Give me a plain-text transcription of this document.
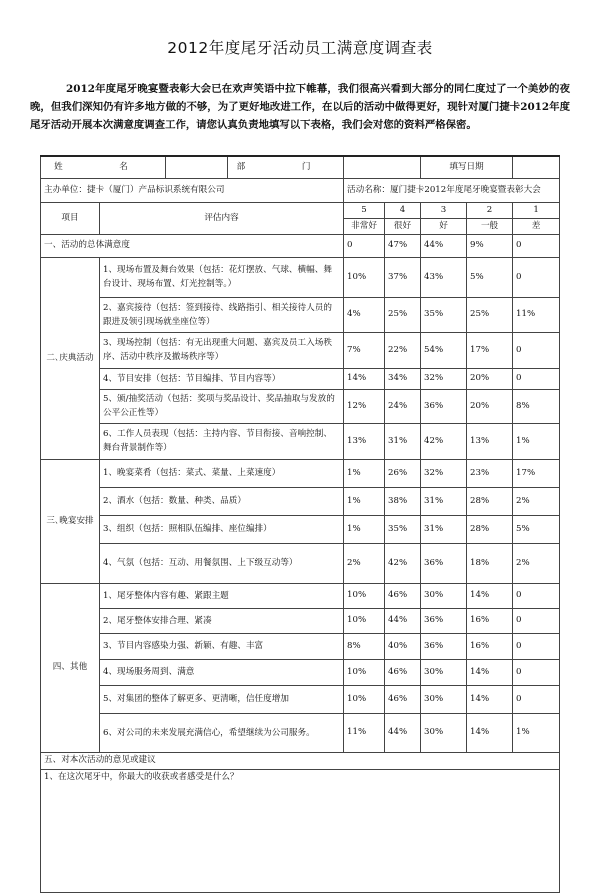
2012年度尾牙活动员工满意度调查表

2012年度尾牙晚宴暨表彰大会已在欢声笑语中拉下帷幕，我们很高兴看到大部分的同仁度过了一个美妙的夜晚，但我们深知仍有许多地方做的不够，为了更好地改进工作，在以后的活动中做得更好，现针对厦门捷卡2012年度尾牙活动开展本次满意度调查工作，请您认真负责地填写以下表格，我们会对您的资料严格保密。

姓　名			部　门			填写日期		
主办单位：捷卡（厦门）产品标识系统有限公司				活动名称：厦门捷卡2012年度尾牙晚宴暨表彰大会				
项目	评估内容			5	4	3	2	1
				非常好	很好	好	一般	差
一、活动的总体满意度				0	47%	44%	9%	0
二､庆典活动	1、现场布置及舞台效果（包括：花灯摆放、气球、横幅、舞台设计、现场布置、灯光控制等。）			10%	37%	43%	5%	0
	2、嘉宾接待（包括：签到接待、线路指引、相关接待人员的跟进及领引现场就坐座位等）			4%	25%	35%	25%	11%
	3、现场控制（包括：有无出现重大问题、嘉宾及员工入场秩序、活动中秩序及撤场秩序等）			7%	22%	54%	17%	0
	4、节目安排（包括：节目编排、节目内容等）			14%	34%	32%	20%	0
	5、颁/抽奖活动（包括：奖项与奖品设计、奖品抽取与发放的公平公正性等）			12%	24%	36%	20%	8%
	6、工作人员表现（包括：主持内容、节目衔接、音响控制、舞台背景制作等）			13%	31%	42%	13%	1%
三､晚宴安排	1、晚宴菜肴（包括：菜式、菜量、上菜速度）			1%	26%	32%	23%	17%
	2、酒水（包括：数量、种类、品质）			1%	38%	31%	28%	2%
	3、组织（包括：照相队伍编排、座位编排）			1%	35%	31%	28%	5%
	4、气氛（包括：互动、用餐氛围、上下级互动等）			2%	42%	36%	18%	2%
四、其他	1、尾牙整体内容有趣、紧跟主题			10%	46%	30%	14%	0
	2、尾牙整体安排合理、紧凑			10%	44%	36%	16%	0
	3、节目内容感染力强、新颖、有趣、丰富			8%	40%	36%	16%	0
	4、现场服务周到、满意			10%	46%	30%	14%	0
	5、对集团的整体了解更多、更清晰，信任度增加			10%	46%	30%	14%	0
	6、对公司的未来发展充满信心，希望继续为公司服务。			11%	44%	30%	14%	1%
五、对本次活动的意见或建议								

1、在这次尾牙中，你最大的收获或者感受是什么？								
